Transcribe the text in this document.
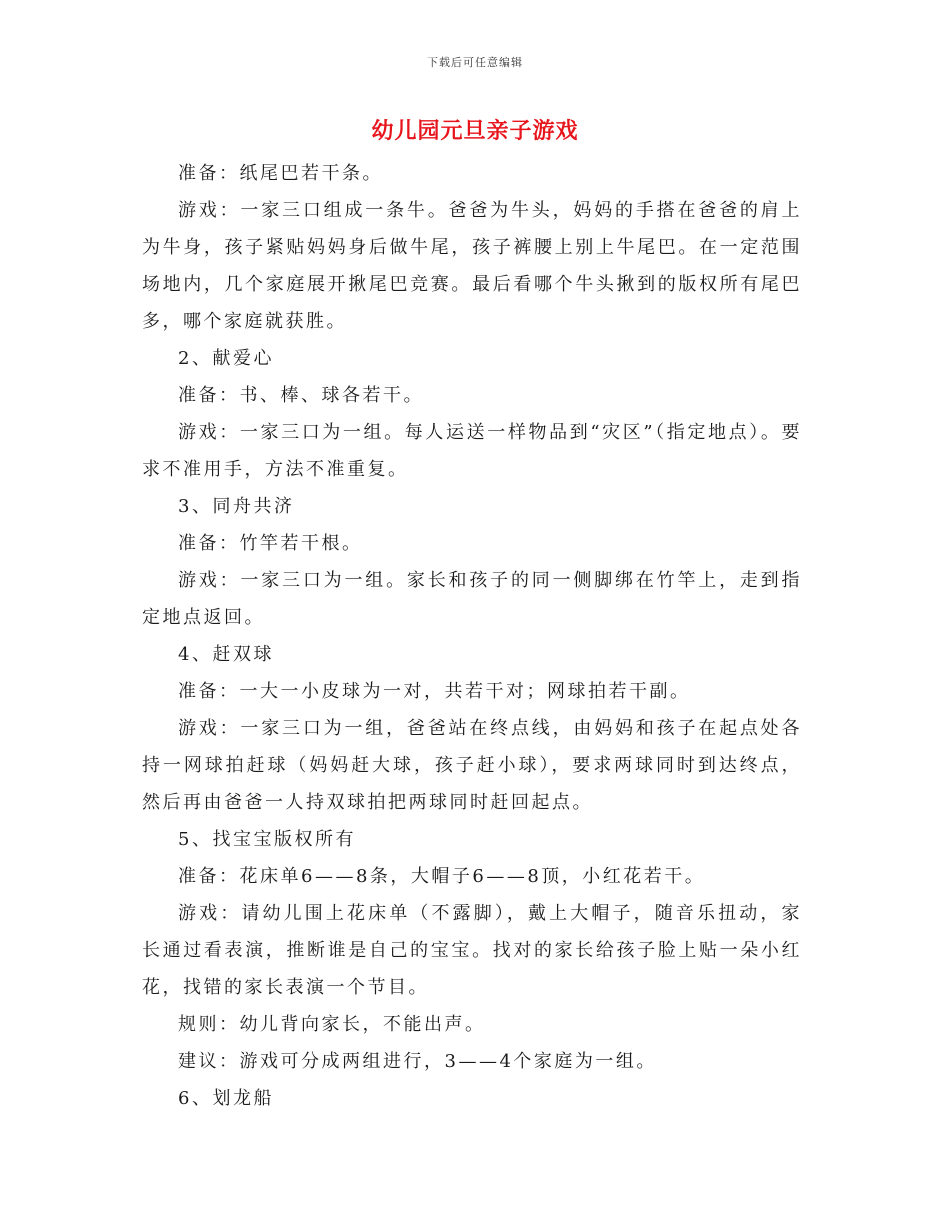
下载后可任意编辑
幼儿园元旦亲子游戏

准备：纸尾巴若干条。

游戏：一家三口组成一条牛。爸爸为牛头，妈妈的手搭在爸爸的肩上为牛身，孩子紧贴妈妈身后做牛尾，孩子裤腰上别上牛尾巴。在一定范围场地内，几个家庭展开揪尾巴竞赛。最后看哪个牛头揪到的版权所有尾巴多，哪个家庭就获胜。

2、献爱心

准备：书、棒、球各若干。

游戏：一家三口为一组。每人运送一样物品到“灾区”（指定地点）。要求不准用手，方法不准重复。

3、同舟共济

准备：竹竿若干根。

游戏：一家三口为一组。家长和孩子的同一侧脚绑在竹竿上，走到指定地点返回。

4、赶双球

准备：一大一小皮球为一对，共若干对；网球拍若干副。

游戏：一家三口为一组，爸爸站在终点线，由妈妈和孩子在起点处各持一网球拍赶球（妈妈赶大球，孩子赶小球），要求两球同时到达终点，然后再由爸爸一人持双球拍把两球同时赶回起点。

5、找宝宝版权所有

准备：花床单6——8条，大帽子6——8顶，小红花若干。

游戏：请幼儿围上花床单（不露脚），戴上大帽子，随音乐扭动，家长通过看表演，推断谁是自己的宝宝。找对的家长给孩子脸上贴一朵小红花，找错的家长表演一个节目。

规则：幼儿背向家长，不能出声。

建议：游戏可分成两组进行，3——4个家庭为一组。

6、划龙船
